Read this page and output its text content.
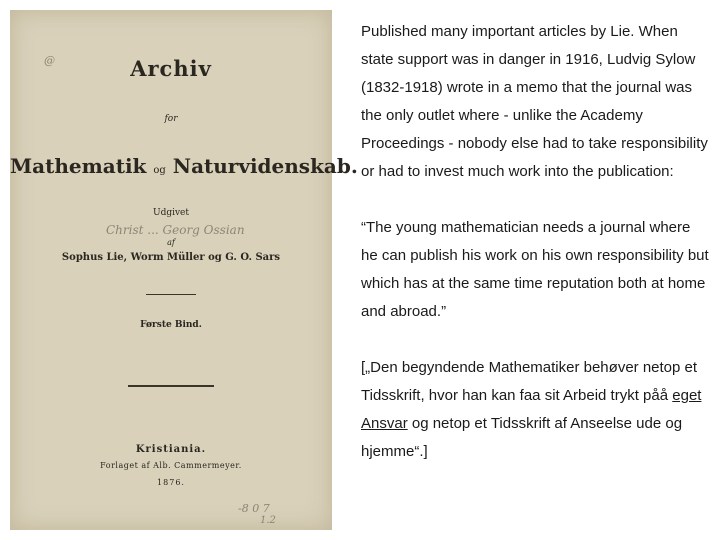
@	Archiv
for
Mathematik og Naturvidenskab.
Udgivet
Christ ... Georg Ossian
af
Sophus Lie, Worm Müller og G. O. Sars
Første Bind.
Kristiania.
Forlaget af Alb. Cammermeyer.
1876.
-8 0 7
1.2

Published many important articles by Lie. When state support was in danger in 1916, Ludvig Sylow (1832-1918) wrote in a memo that the journal was the only outlet where - unlike the Academy Proceedings - nobody else had to take responsibility or had to invest much work into the publication:

“The young mathematician needs a journal where he can publish his work on his own responsibility but which has at the same time reputation both at home and abroad.”

[„Den begyndende Mathematiker behøver netop et Tidsskrift, hvor han kan faa sit Arbeid trykt påå eget Ansvar og netop et Tidsskrift af Anseelse ude og hjemme“.]
